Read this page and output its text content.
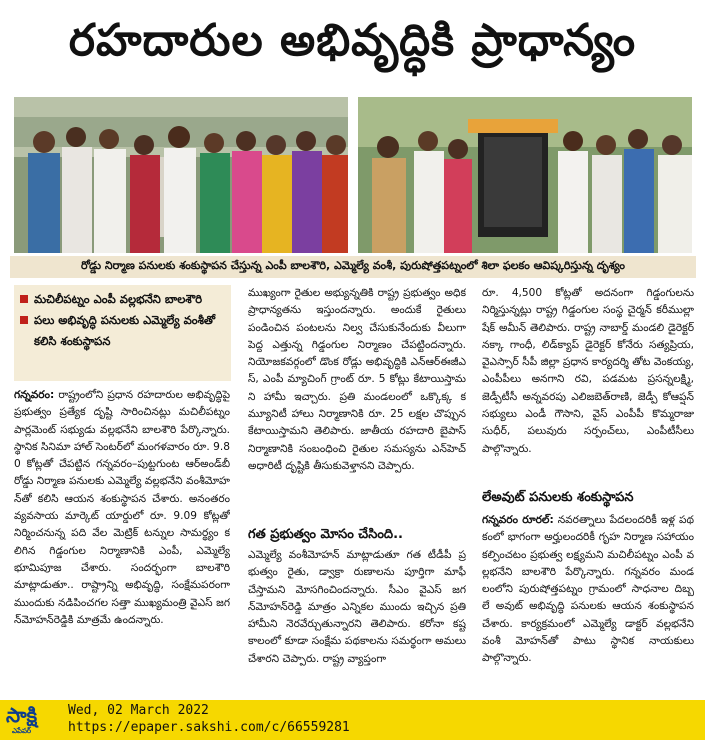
రహదారుల అభివృద్ధికి ప్రాధాన్యం
రోడ్డు నిర్మాణ పనులకు శంకుస్థాపన చేస్తున్న ఎంపీ బాలశౌరి, ఎమ్మెల్యే వంశీ, పురుషోత్తపట్నంలో శిలా ఫలకం ఆవిష్కరిస్తున్న దృశ్యం
మచిలీపట్నం ఎంపీ వల్లభనేని బాలశౌరి
పలు అభివృద్ధి పనులకు ఎమ్మెల్యే వంశీతో కలిసి శంకుస్థాపన
గన్నవరం: రాష్ట్రంలోని ప్రధాన రహదారుల అభివృద్ధిపై ప్రభుత్వం ప్రత్యేక దృష్టి సారించినట్లు మచిలీపట్నం పార్లమెంట్ సభ్యుడు వల్లభనేని బాలశౌరి పేర్కొన్నారు. స్థానిక సినిమా హాల్ సెంటర్‌లో మంగళవారం రూ. 9.80 కోట్లతో చేపట్టిన గన్నవరం–పుట్టగుంట ఆర్‌అండ్‌బీ రోడ్డు నిర్మాణ పనులకు ఎమ్మెల్యే వల్లభనేని వంశీమోహన్‌తో కలిసి ఆయన శంకుస్థాపన చేశారు. అనంతరం వ్యవసాయ మార్కెట్ యార్డులో రూ. 9.09 కోట్లతో నిర్మించనున్న పది వేల మెట్రిక్ టన్నుల సామర్థ్యం కలిగిన గిడ్డంగుల నిర్మాణానికి ఎంపీ, ఎమ్మెల్యే భూమిపూజ చేశారు. సందర్భంగా బాలశౌరి మాట్లాడుతూ.. రాష్ట్రాన్ని అభివృద్ధి, సంక్షేమపరంగా ముందుకు నడిపించగల సత్తా ముఖ్యమంత్రి వైఎస్ జగన్‌మోహన్‌రెడ్డికి మాత్రమే ఉందన్నారు.
ముఖ్యంగా రైతుల అభ్యున్నతికి రాష్ట్ర ప్రభుత్వం అధిక ప్రాధాన్యతను ఇస్తుందన్నారు. అందుకే రైతులు పండించిన పంటలను నిల్వ చేసుకునేందుకు వీలుగా పెద్ద ఎత్తున్న గిడ్డంగుల నిర్మాణం చేపట్టిందన్నారు. నియోజకవర్గంలో డొంక రోడ్లు అభివృద్ధికి ఎన్‌ఆర్‌ఈజీఎస్, ఎంపీ మ్యాచింగ్ గ్రాంట్ రూ. 5 కోట్లు కేటాయిస్తామని హామీ ఇచ్చారు. ప్రతి మండలంలో ఒక్కొక్క కమ్యూనిటీ హాలు నిర్మాణానికి రూ. 25 లక్షల చొప్పున కేటాయిస్తామని తెలిపారు. జాతీయ రహదారి బైపాస్ నిర్మాణానికి సంబంధించి రైతుల సమస్యను ఎన్‌హెచ్ అధారిటీ దృష్టికి తీసుకువెళ్తానని చెప్పారు.
గత ప్రభుత్వం మోసం చేసింది..
ఎమ్మెల్యే వంశీమోహన్ మాట్లాడుతూ గత టీడీపీ ప్రభుత్వం రైతు, డ్వాక్రా రుణాలను పూర్తిగా మాఫీ చేస్తామని మోసగించిందన్నారు. సీఎం వైఎస్ జగన్‌మోహన్‌రెడ్డి మాత్రం ఎన్నికల ముందు ఇచ్చిన ప్రతి హామీని నెరవేర్చుతున్నారని తెలిపారు. కరోనా కష్ట కాలంలో కూడా సంక్షేమ పథకాలను సమర్థంగా అమలు చేశారని చెప్పారు. రాష్ట్ర వ్యాప్తంగా
రూ. 4,500 కోట్లతో అదనంగా గిడ్డంగులను నిర్మిస్తున్నట్లు రాష్ట్ర గిడ్డంగుల సంస్థ చైర్మన్ కరీముల్లా షేక్ అమీన్ తెలిపారు. రాష్ట్ర నాబార్డ్ మండలి డైరెక్టర్ నక్కా గాంధీ, లిడ్‌క్యాప్ డైరెక్టర్ కోనేరు సత్యప్రియ, వైఎస్సార్ సీపీ జిల్లా ప్రధాన కార్యదర్శి తోట వెంకయ్య, ఎంపీపీలు అనగాని రవి, పడమట ప్రసన్నలక్ష్మి, జెడ్పీటీసీ అన్నవరపు ఎలిజబెత్‌రాణి, జెడ్పీ కోఆప్షన్ సభ్యులు ఎండీ గౌసాని, వైస్ ఎంపీపీ కొమ్మరాజు సుధీర్, పలువురు సర్పంచ్‌లు, ఎంపీటీసీలు పాల్గొన్నారు.
లేఅవుట్ పనులకు శంకుస్థాపన
గన్నవరం రూరల్: నవరత్నాలు పేదలందరికీ ఇళ్ల పథకంలో భాగంగా అర్హులందరికీ గృహ నిర్మాణ సహాయం కల్పించటం ప్రభుత్వ లక్ష్యమని మచిలీపట్నం ఎంపీ వల్లభనేని బాలశౌరి పేర్కొన్నారు. గన్నవరం మండలంలోని పురుషోత్తపట్నం గ్రామంలో సాధనాల దిబ్బ లే అవుట్ అభివృద్ధి పనులకు ఆయన శంకుస్థాపన చేశారు. కార్యక్రమంలో ఎమ్మెల్యే డాక్టర్ వల్లభనేని వంశీ మోహన్‌తో పాటు స్థానిక నాయకులు పాల్గొన్నారు.
సాక్షి
ఎపేపర్
Wed, 02 March 2022
https://epaper.sakshi.com/c/66559281
